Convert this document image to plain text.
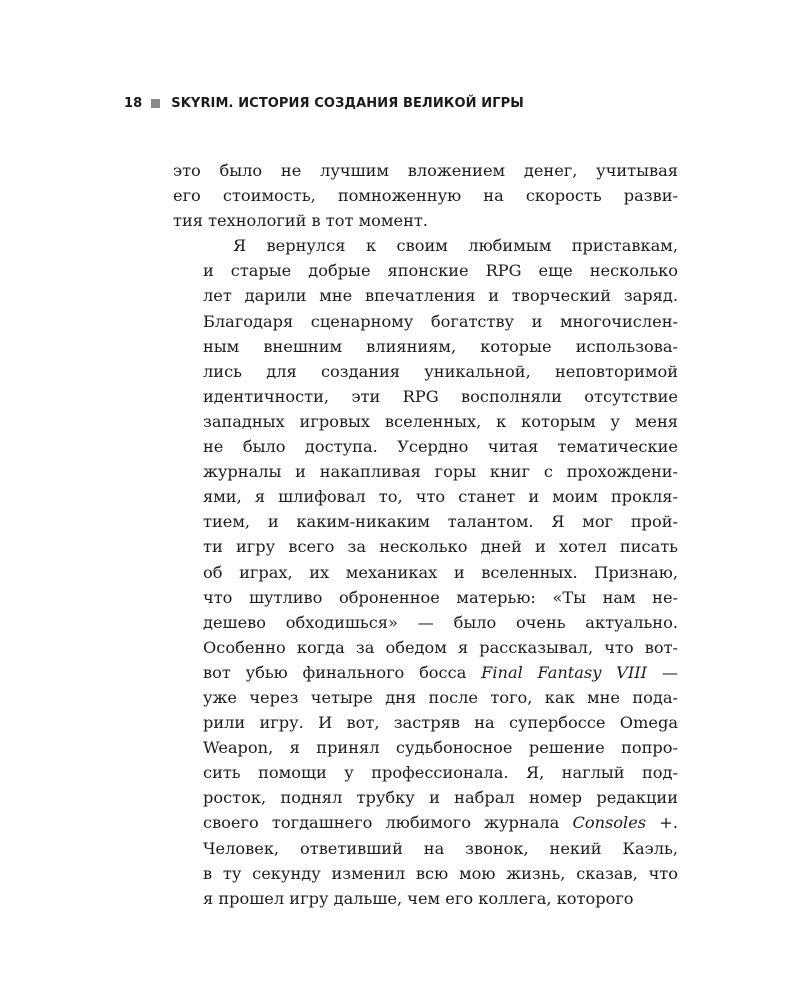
18 SKYRIM. ИСТОРИЯ СОЗДАНИЯ ВЕЛИКОЙ ИГРЫ

это было не лучшим вложением денег, учитывая
его стоимость, помноженную на скорость разви-
тия технологий в тот момент.

Я вернулся к своим любимым приставкам,
и старые добрые японские RPG еще несколько
лет дарили мне впечатления и творческий заряд.
Благодаря сценарному богатству и многочислен-
ным внешним влияниям, которые использова-
лись для создания уникальной, неповторимой
идентичности, эти RPG восполняли отсутствие
западных игровых вселенных, к которым у меня
не было доступа. Усердно читая тематические
журналы и накапливая горы книг с прохождени-
ями, я шлифовал то, что станет и моим прокля-
тием, и каким-никаким талантом. Я мог прой-
ти игру всего за несколько дней и хотел писать
об играх, их механиках и вселенных. Признаю,
что шутливо оброненное матерью: «Ты нам не-
дешево обходишься» — было очень актуально.
Особенно когда за обедом я рассказывал, что вот-
вот убью финального босса Final Fantasy VIII —
уже через четыре дня после того, как мне пода-
рили игру. И вот, застряв на супербоссе Omega
Weapon, я принял судьбоносное решение попро-
сить помощи у профессионала. Я, наглый под-
росток, поднял трубку и набрал номер редакции
своего тогдашнего любимого журнала Consoles +.
Человек, ответивший на звонок, некий Каэль,
в ту секунду изменил всю мою жизнь, сказав, что
я прошел игру дальше, чем его коллега, которого
